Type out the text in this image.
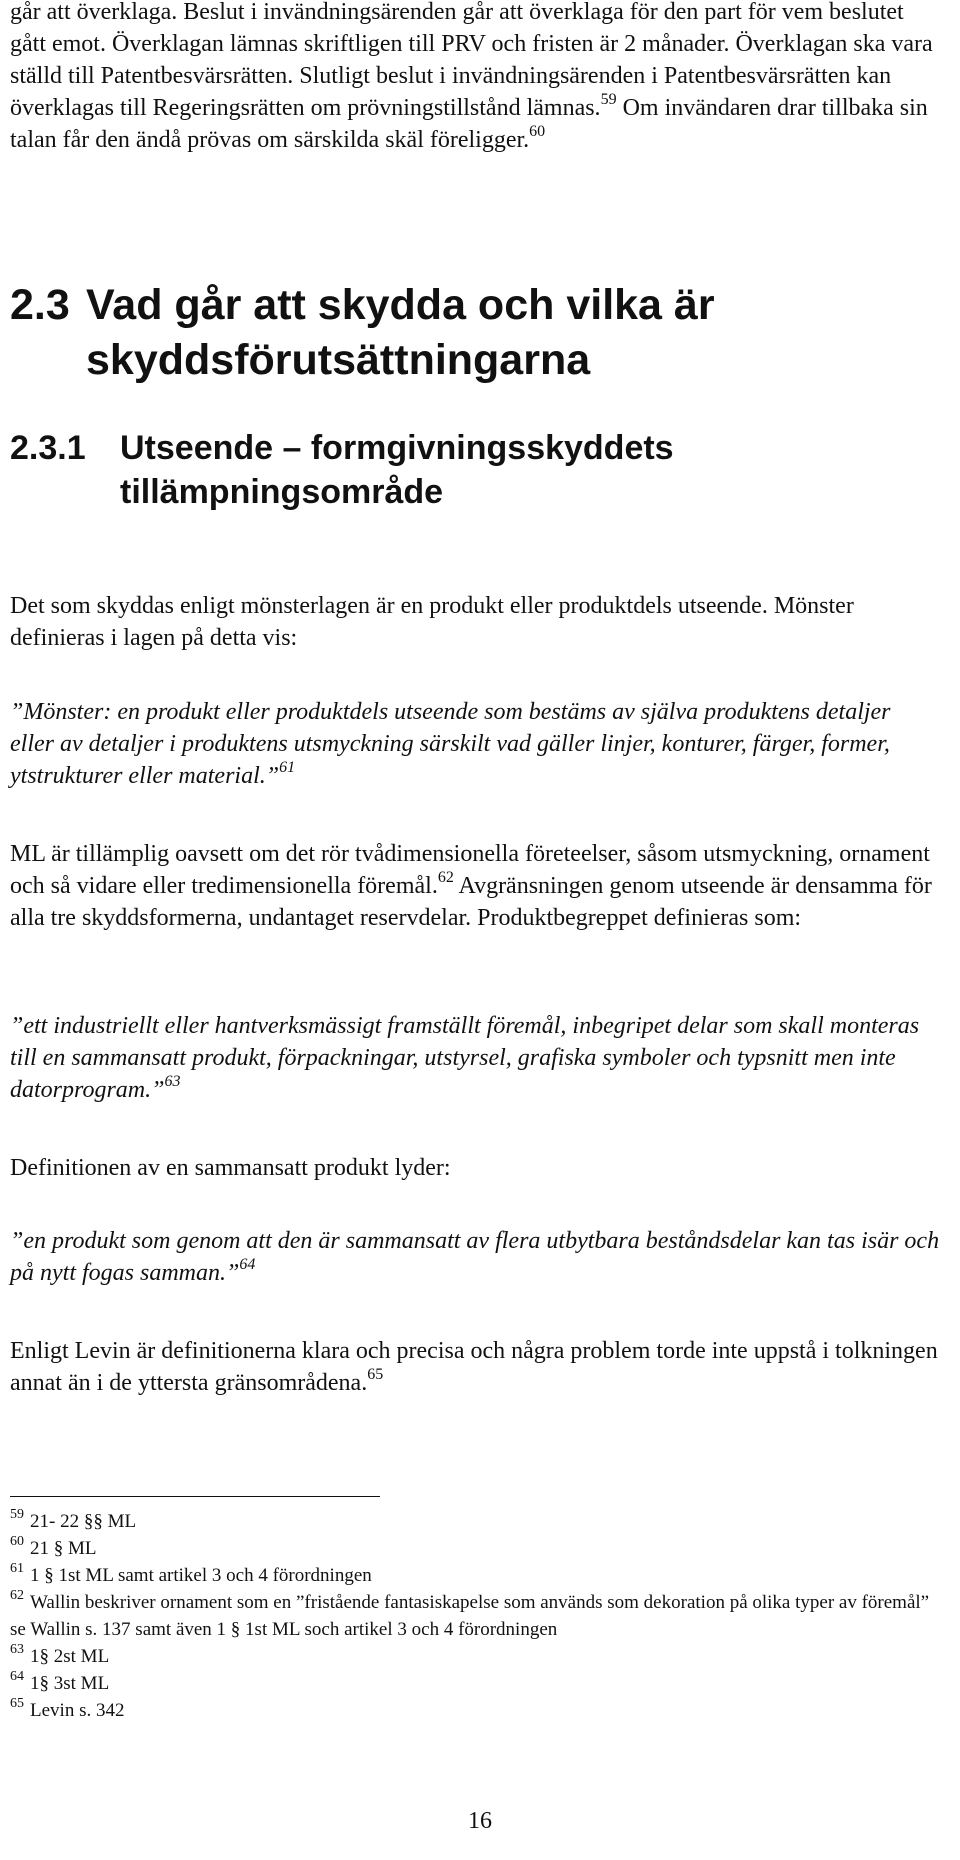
går att överklaga. Beslut i invändningsärenden går att överklaga för den part för vem beslutet gått emot. Överklagan lämnas skriftligen till PRV och fristen är 2 månader. Överklagan ska vara ställd till Patentbesvärsrätten. Slutligt beslut i invändningsärenden i Patentbesvärsrätten kan överklagas till Regeringsrätten om prövningstillstånd lämnas.$^{59}$ Om invändaren drar tillbaka sin talan får den ändå prövas om särskilda skäl föreligger.$^{60}$

2.3 Vad går att skydda och vilka är skyddsförutsättningarna
2.3.1 Utseende – formgivningsskyddets tillämpningsområde

Det som skyddas enligt mönsterlagen är en produkt eller produktdels utseende. Mönster definieras i lagen på detta vis:

”Mönster: en produkt eller produktdels utseende som bestäms av själva produktens detaljer eller av detaljer i produktens utsmyckning särskilt vad gäller linjer, konturer, färger, former, ytstrukturer eller material.”$^{61}$

ML är tillämplig oavsett om det rör tvådimensionella företeelser, såsom utsmyckning, ornament och så vidare eller tredimensionella föremål.$^{62}$ Avgränsningen genom utseende är densamma för alla tre skyddsformerna, undantaget reservdelar. Produktbegreppet definieras som:

”ett industriellt eller hantverksmässigt framställt föremål, inbegripet delar som skall monteras till en sammansatt produkt, förpackningar, utstyrsel, grafiska symboler och typsnitt men inte datorprogram.”$^{63}$

Definitionen av en sammansatt produkt lyder:

”en produkt som genom att den är sammansatt av flera utbytbara beståndsdelar kan tas isär och på nytt fogas samman.”$^{64}$

Enligt Levin är definitionerna klara och precisa och några problem torde inte uppstå i tolkningen annat än i de yttersta gränsområdena.$^{65}$

$^{59}$ 21- 22 §§ ML
$^{60}$ 21 § ML
$^{61}$ 1 § 1st ML samt artikel 3 och 4 förordningen
$^{62}$ Wallin beskriver ornament som en ”fristående fantasiskapelse som används som dekoration på olika typer av föremål” se Wallin s. 137 samt även 1 § 1st ML soch artikel 3 och 4 förordningen
$^{63}$ 1§ 2st ML
$^{64}$ 1§ 3st ML
$^{65}$ Levin s. 342
16
